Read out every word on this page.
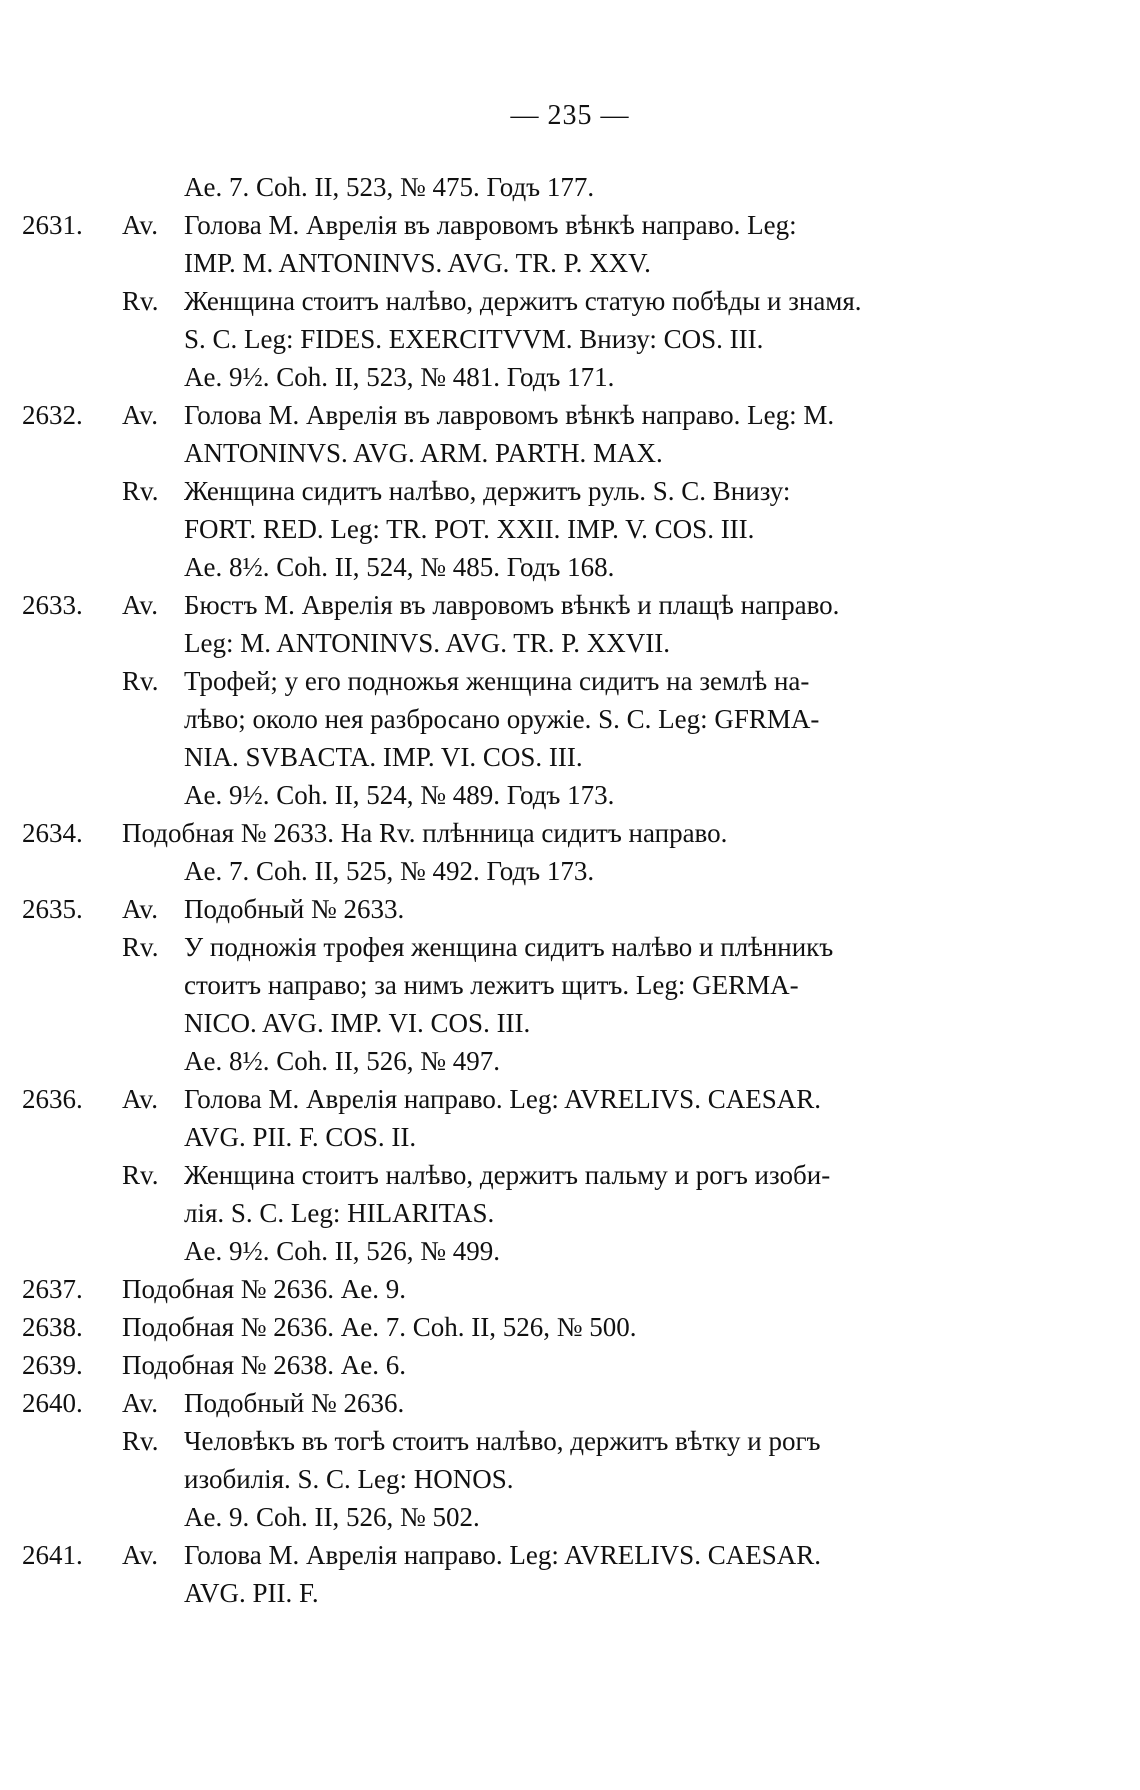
— 235 —
Ae. 7. Coh. II, 523, № 475. Годъ 177.
2631.	Av. Голова М. Аврелія въ лавровомъ вѣнкѣ направо. Leg:
IMP. M. ANTONINVS. AVG. TR. P. XXV.
Rv. Женщина стоитъ налѣво, держитъ статую побѣды и знамя.
S. C. Leg: FIDES. EXERCITVVM. Внизу: COS. III.
Ae. 9½. Coh. II, 523, № 481. Годъ 171.
2632.	Av. Голова М. Аврелія въ лавровомъ вѣнкѣ направо. Leg: M.
ANTONINVS. AVG. ARM. PARTH. MAX.
Rv. Женщина сидитъ налѣво, держитъ руль. S. C. Внизу:
FORT. RED. Leg: TR. POT. XXII. IMP. V. COS. III.
Ae. 8½. Coh. II, 524, № 485. Годъ 168.
2633.	Av. Бюстъ М. Аврелія въ лавровомъ вѣнкѣ и плащѣ направо.
Leg: M. ANTONINVS. AVG. TR. P. XXVII.
Rv. Трофей; у его подножья женщина сидитъ на землѣ на-
лѣво; около нея разбросано оружіе. S. C. Leg: GFRMA-
NIA. SVBACTA. IMP. VI. COS. III.
Ae. 9½. Coh. II, 524, № 489. Годъ 173.
2634.	Подобная № 2633. На Rv. плѣнница сидитъ направо.
Ae. 7. Coh. II, 525, № 492. Годъ 173.
2635.	Av. Подобный № 2633.
Rv. У подножія трофея женщина сидитъ налѣво и плѣнникъ
стоитъ направо; за нимъ лежитъ щитъ. Leg: GERMA-
NICO. AVG. IMP. VI. COS. III.
Ae. 8½. Coh. II, 526, № 497.
2636.	Av. Голова М. Аврелія направо. Leg: AVRELIVS. CAESAR.
AVG. PII. F. COS. II.
Rv. Женщина стоитъ налѣво, держитъ пальму и рогъ изоби-
лія. S. C. Leg: HILARITAS.
Ae. 9½. Coh. II, 526, № 499.
2637.	Подобная № 2636. Ae. 9.
2638.	Подобная № 2636. Ae. 7. Coh. II, 526, № 500.
2639.	Подобная № 2638. Ae. 6.
2640.	Av. Подобный № 2636.
Rv. Человѣкъ въ тогѣ стоитъ налѣво, держитъ вѣтку и рогъ
изобилія. S. C. Leg: HONOS.
Ae. 9. Coh. II, 526, № 502.
2641.	Av. Голова М. Аврелія направо. Leg: AVRELIVS. CAESAR.
AVG. PII. F.
